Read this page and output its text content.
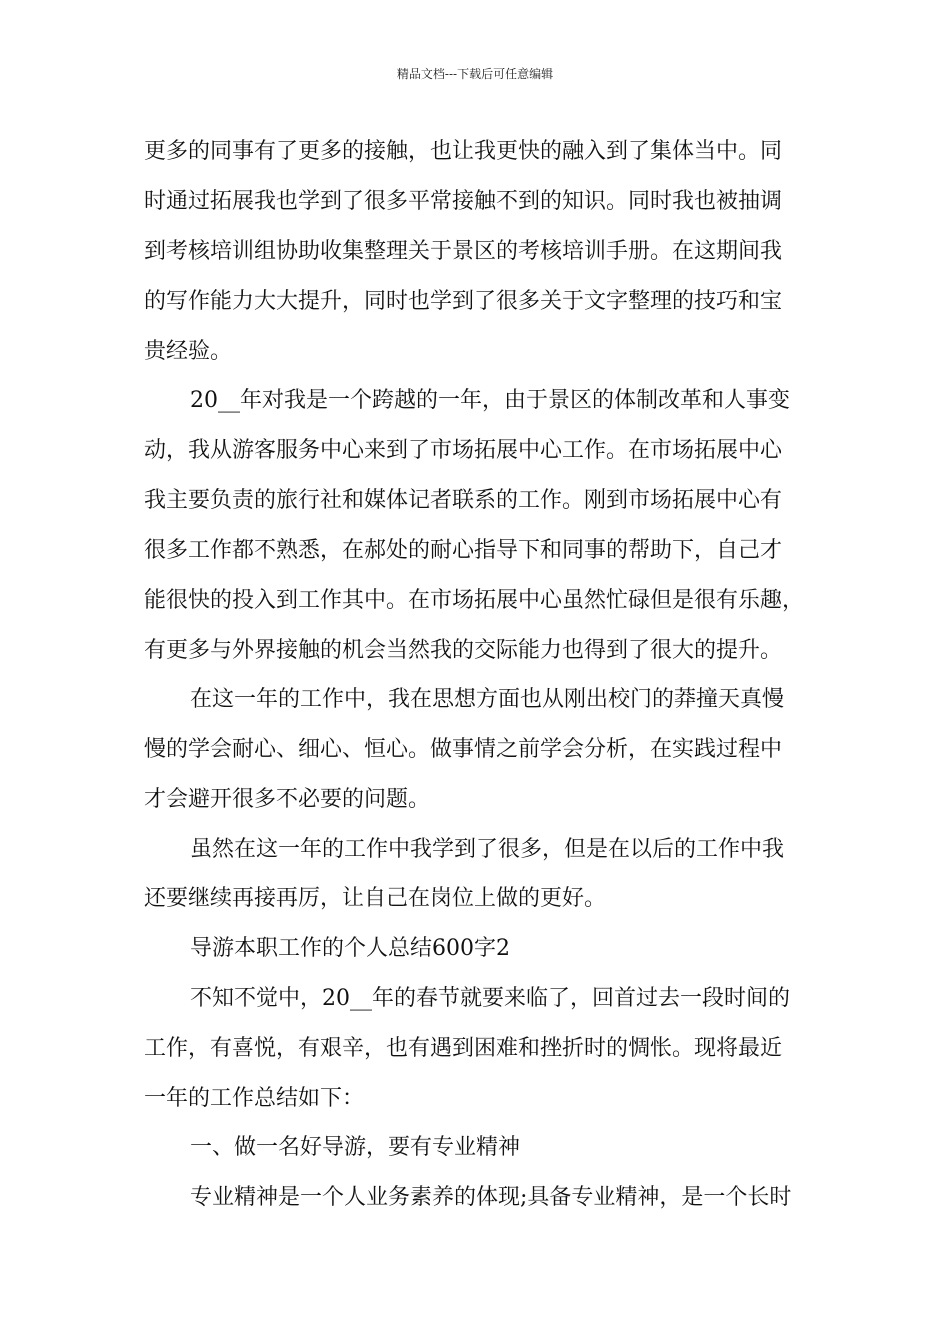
精品文档---下载后可任意编辑
更多的同事有了更多的接触，也让我更快的融入到了集体当中。同
时通过拓展我也学到了很多平常接触不到的知识。同时我也被抽调
到考核培训组协助收集整理关于景区的考核培训手册。在这期间我
的写作能力大大提升，同时也学到了很多关于文字整理的技巧和宝
贵经验。
20__年对我是一个跨越的一年，由于景区的体制改革和人事变
动，我从游客服务中心来到了市场拓展中心工作。在市场拓展中心
我主要负责的旅行社和媒体记者联系的工作。刚到市场拓展中心有
很多工作都不熟悉，在郝处的耐心指导下和同事的帮助下，自己才
能很快的投入到工作其中。在市场拓展中心虽然忙碌但是很有乐趣，
有更多与外界接触的机会当然我的交际能力也得到了很大的提升。
在这一年的工作中，我在思想方面也从刚出校门的莽撞天真慢
慢的学会耐心、细心、恒心。做事情之前学会分析，在实践过程中
才会避开很多不必要的问题。
虽然在这一年的工作中我学到了很多，但是在以后的工作中我
还要继续再接再厉，让自己在岗位上做的更好。
导游本职工作的个人总结600字2
不知不觉中，20__年的春节就要来临了，回首过去一段时间的
工作，有喜悦，有艰辛，也有遇到困难和挫折时的惆怅。现将最近
一年的工作总结如下：
一、做一名好导游，要有专业精神
专业精神是一个人业务素养的体现;具备专业精神，是一个长时
